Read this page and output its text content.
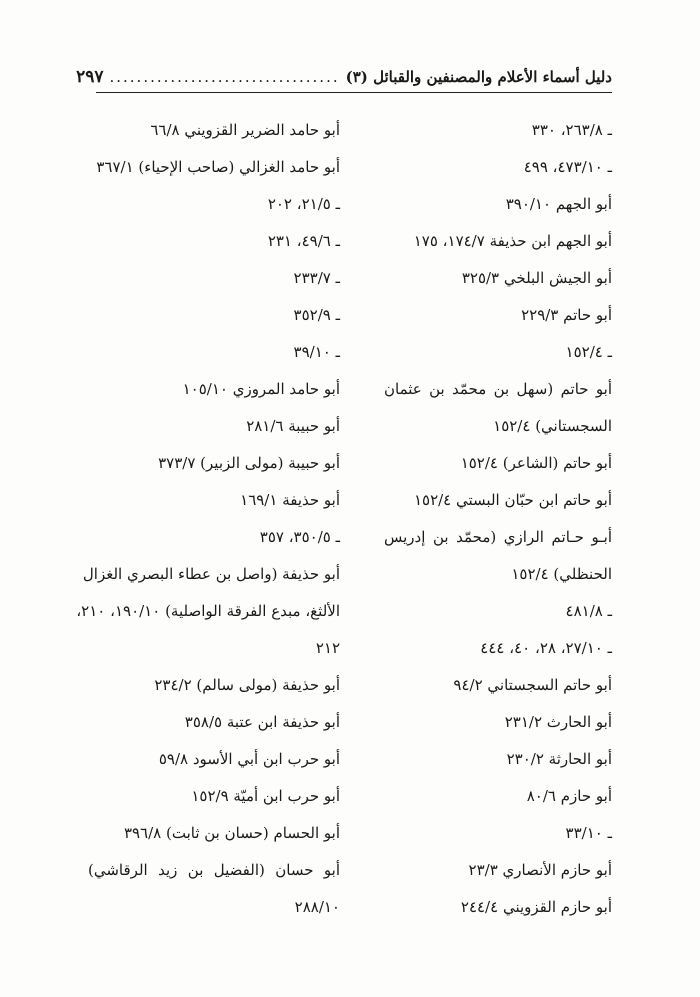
دليل أسماء الأعلام والمصنفين والقبائل (٣)
..................................
٢٩٧
ـ ٢٦٣/٨، ٣٣٠
ـ ٤٧٣/١٠، ٤٩٩
أبو الجهم ٣٩٠/١٠
أبو الجهم ابن حذيفة ١٧٤/٧، ١٧٥
أبو الجيش البلخي ٣٢٥/٣
أبو حاتم ٢٢٩/٣
ـ ١٥٢/٤
أبو حاتم (سهل بن محمّد بن عثمان
السجستاني) ١٥٢/٤
أبو حاتم (الشاعر) ١٥٢/٤
أبو حاتم ابن حبّان البستي ١٥٢/٤
أبـو حـاتم الرازي (محمّد بن إدريس
الحنظلي) ١٥٢/٤
ـ ٤٨١/٨
ـ ٢٧/١٠، ٢٨، ٤٠، ٤٤٤
أبو حاتم السجستاني ٩٤/٢
أبو الحارث ٢٣١/٢
أبو الحارثة ٢٣٠/٢
أبو حازم ٨٠/٦
ـ ٣٣/١٠
أبو حازم الأنصاري ٢٣/٣
أبو حازم القزويني ٢٤٤/٤
أبو حامد الضرير القزويني ٦٦/٨
أبو حامد الغزالي (صاحب الإحياء) ٣٦٧/١
ـ ٢١/٥، ٢٠٢
ـ ٤٩/٦، ٢٣١
ـ ٢٣٣/٧
ـ ٣٥٢/٩
ـ ٣٩/١٠
أبو حامد المروزي ١٠٥/١٠
أبو حبيبة ٢٨١/٦
أبو حبيبة (مولى الزبير) ٣٧٣/٧
أبو حذيفة ١٦٩/١
ـ ٣٥٠/٥، ٣٥٧
أبو حذيفة (واصل بن عطاء البصري الغزال
الألثغ، مبدع الفرقة الواصلية) ١٩٠/١٠، ٢١٠،
٢١٢
أبو حذيفة (مولى سالم) ٢٣٤/٢
أبو حذيفة ابن عتبة ٣٥٨/٥
أبو حرب ابن أبي الأسود ٥٩/٨
أبو حرب ابن أميّة ١٥٢/٩
أبو الحسام (حسان بن ثابت) ٣٩٦/٨
أبو حسان (الفضيل بن زيد الرقاشي)
٢٨٨/١٠
